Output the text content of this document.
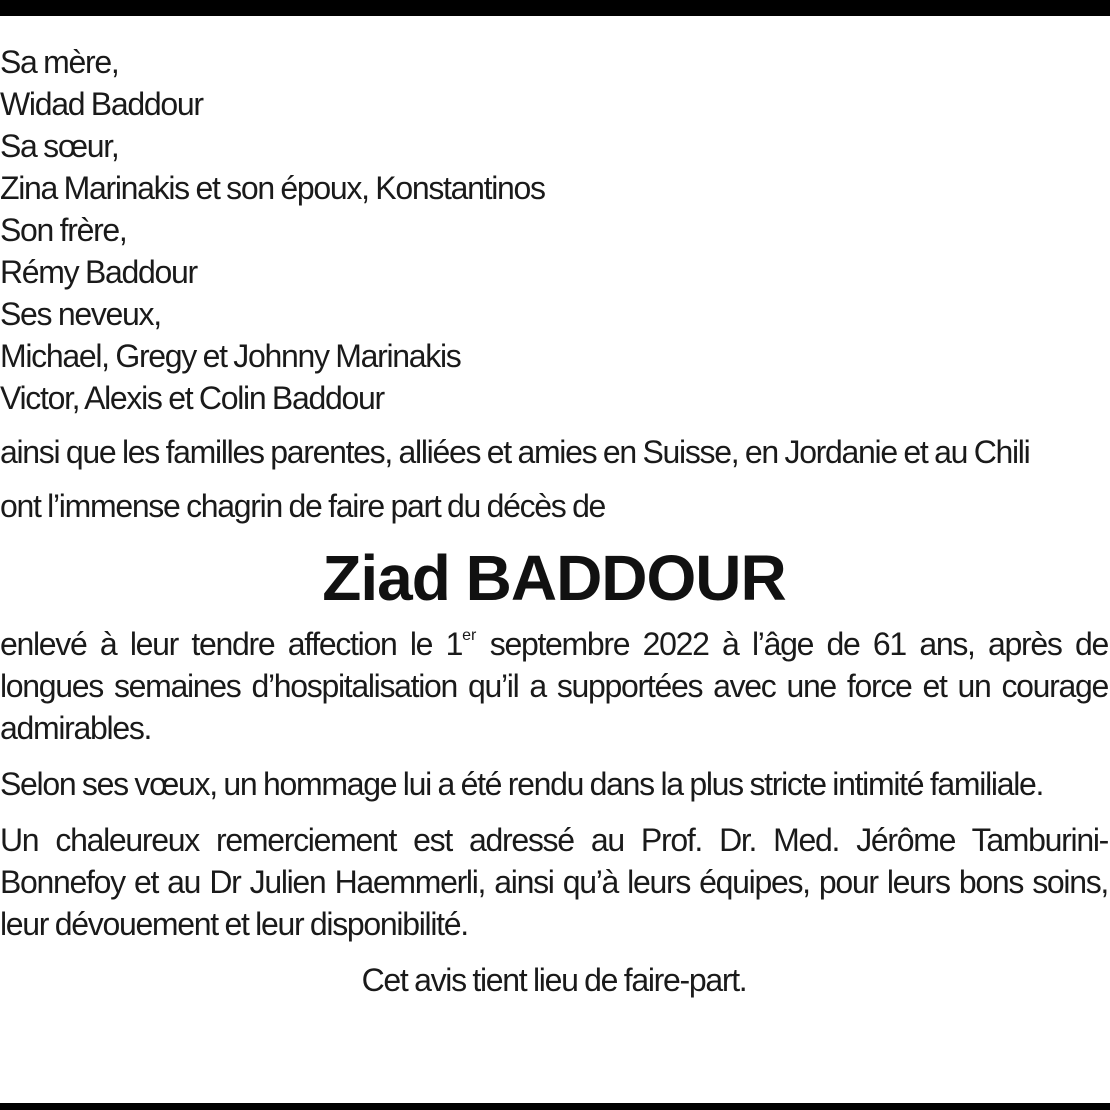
Sa mère,
Widad Baddour
Sa sœur,
Zina Marinakis et son époux, Konstantinos
Son frère,
Rémy Baddour
Ses neveux,
Michael, Gregy et Johnny Marinakis
Victor, Alexis et Colin Baddour

ainsi que les familles parentes, alliées et amies en Suisse, en Jordanie et au Chili

ont l’immense chagrin de faire part du décès de

Ziad BADDOUR

enlevé à leur tendre affection le 1er septembre 2022 à l’âge de 61 ans, après de longues semaines d’hospitalisation qu’il a supportées avec une force et un courage admirables.

Selon ses vœux, un hommage lui a été rendu dans la plus stricte intimité familiale.

Un chaleureux remerciement est adressé au Prof. Dr. Med. Jérôme Tamburini-Bonnefoy et au Dr Julien Haemmerli, ainsi qu’à leurs équipes, pour leurs bons soins, leur dévouement et leur disponibilité.

Cet avis tient lieu de faire-part.
